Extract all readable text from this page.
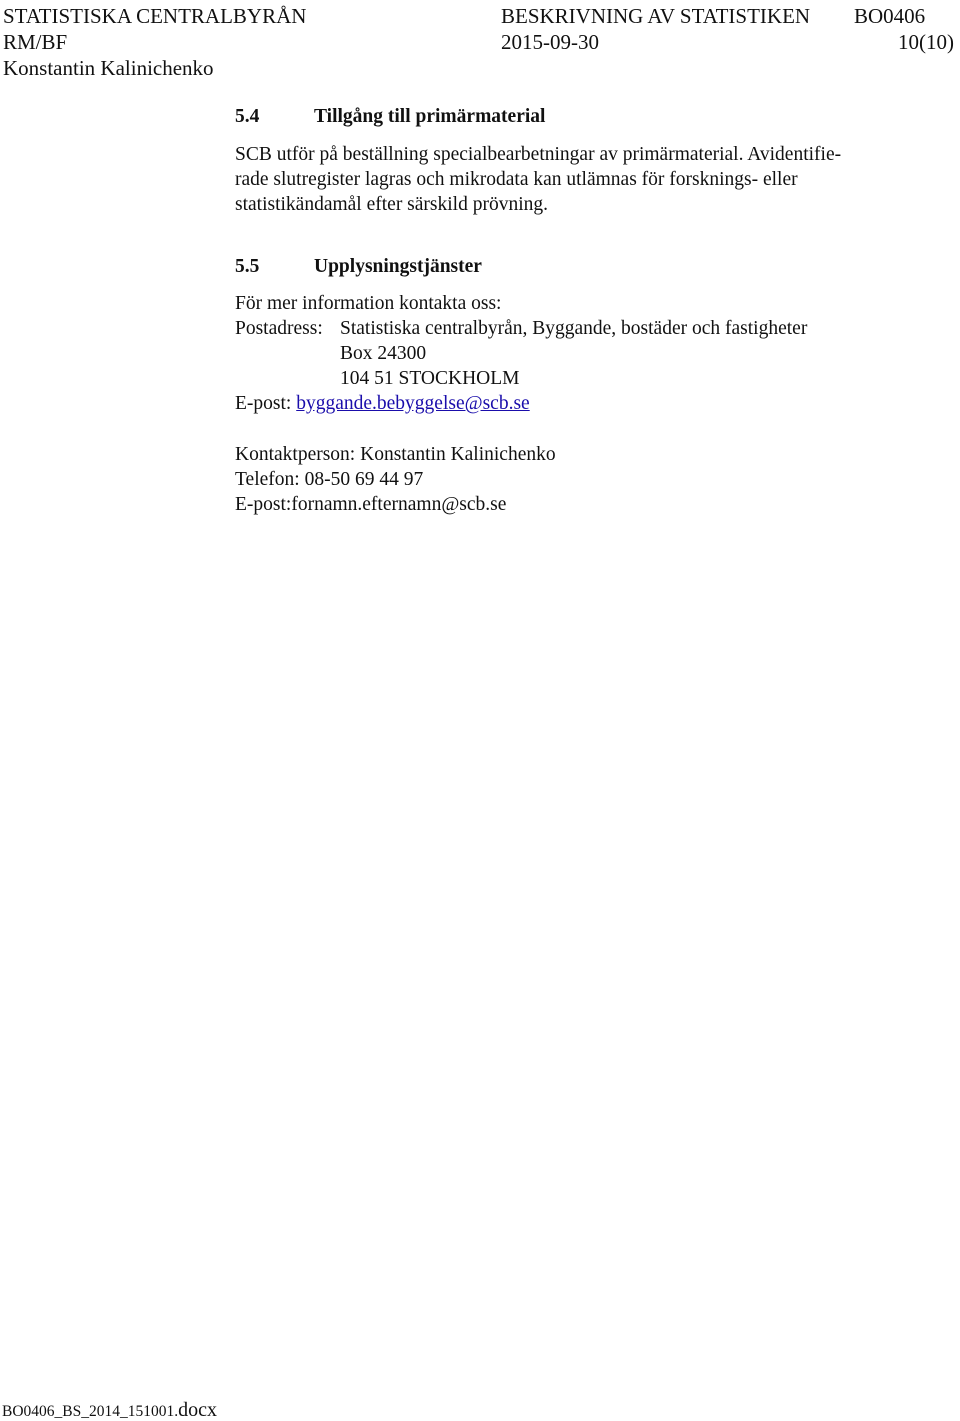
STATISTISKA CENTRALBYRÅN	BESKRIVNING AV STATISTIKEN BO0406
RM/BF	2015-09-30	10(10)
Konstantin Kalinichenko
5.4	Tillgång till primärmaterial
SCB utför på beställning specialbearbetningar av primärmaterial. Avidentifie-
rade slutregister lagras och mikrodata kan utlämnas för forsknings- eller
statistikändamål efter särskild prövning.
5.5	Upplysningstjänster
För mer information kontakta oss:
Postadress: Statistiska centralbyrån, Byggande, bostäder och fastigheter
Box 24300
104 51 STOCKHOLM
E-post: byggande.bebyggelse@scb.se
Kontaktperson: Konstantin Kalinichenko
Telefon: 08-50 69 44 97
E-post:fornamn.efternamn@scb.se
BO0406_BS_2014_151001.docx
